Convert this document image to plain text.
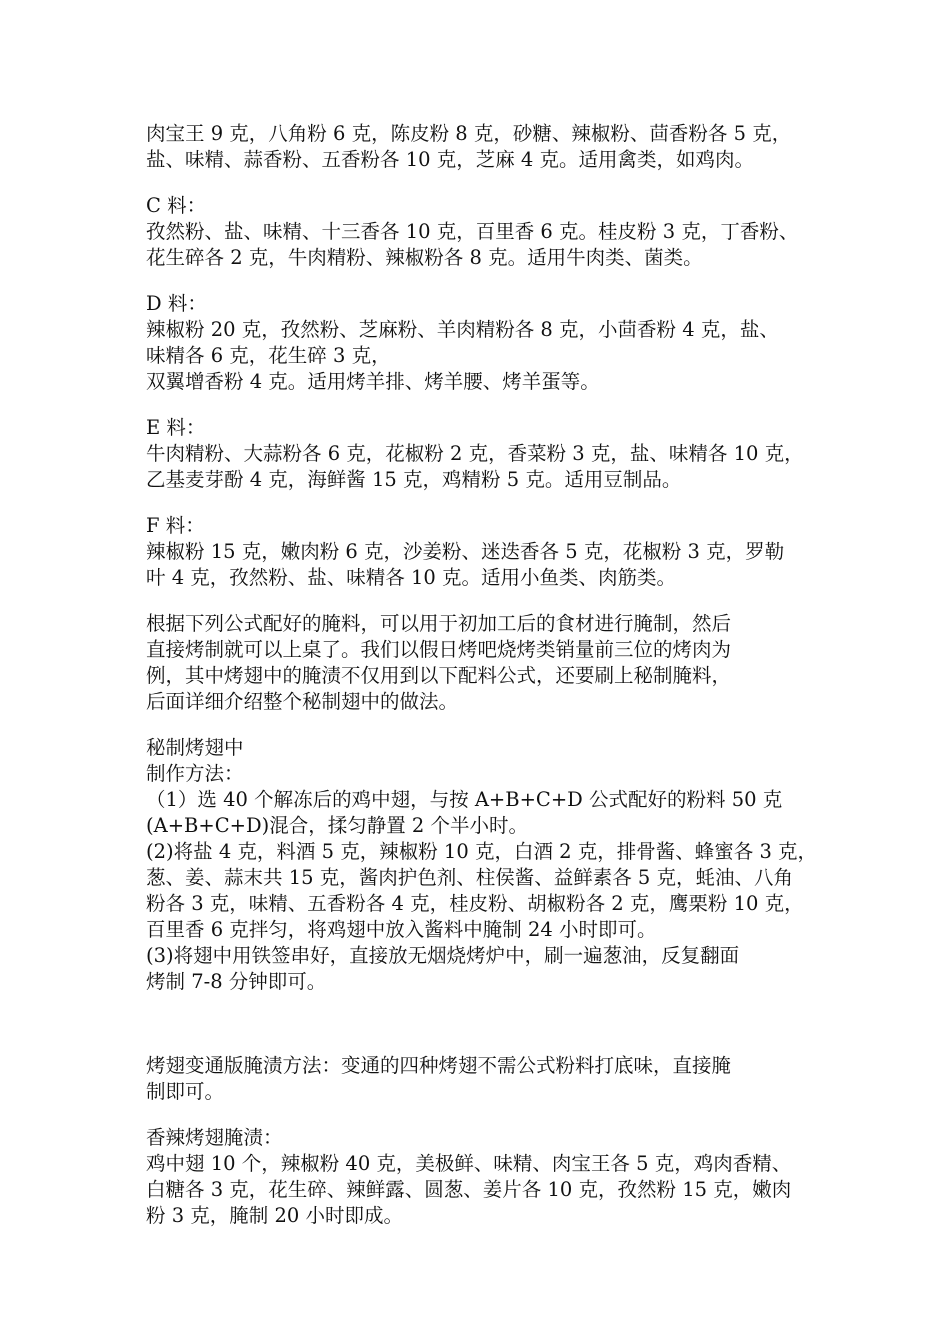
肉宝王 9 克，八角粉 6 克，陈皮粉 8 克，砂糖、辣椒粉、茴香粉各 5 克，
盐、味精、蒜香粉、五香粉各 10 克，芝麻 4 克。适用禽类，如鸡肉。
C 料：
孜然粉、盐、味精、十三香各 10 克，百里香 6 克。桂皮粉 3 克，丁香粉、
花生碎各 2 克，牛肉精粉、辣椒粉各 8 克。适用牛肉类、菌类。
D 料：
辣椒粉 20 克，孜然粉、芝麻粉、羊肉精粉各 8 克，小茴香粉 4 克，盐、
味精各 6 克，花生碎 3 克，
双翼增香粉 4 克。适用烤羊排、烤羊腰、烤羊蛋等。
E 料：
牛肉精粉、大蒜粉各 6 克，花椒粉 2 克，香菜粉 3 克，盐、味精各 10 克，
乙基麦芽酚 4 克，海鲜酱 15 克，鸡精粉 5 克。适用豆制品。
F 料：
辣椒粉 15 克，嫩肉粉 6 克，沙姜粉、迷迭香各 5 克，花椒粉 3 克，罗勒
叶 4 克，孜然粉、盐、味精各 10 克。适用小鱼类、肉筋类。
根据下列公式配好的腌料，可以用于初加工后的食材进行腌制，然后
直接烤制就可以上桌了。我们以假日烤吧烧烤类销量前三位的烤肉为
例，其中烤翅中的腌渍不仅用到以下配料公式，还要刷上秘制腌料，
后面详细介绍整个秘制翅中的做法。
秘制烤翅中
制作方法：
（1）选 40 个解冻后的鸡中翅，与按 A+B+C+D 公式配好的粉料 50 克
(A+B+C+D)混合，揉匀静置 2 个半小时。
(2)将盐 4 克，料酒 5 克，辣椒粉 10 克，白酒 2 克，排骨酱、蜂蜜各 3 克，
葱、姜、蒜末共 15 克，酱肉护色剂、柱侯酱、益鲜素各 5 克，蚝油、八角
粉各 3 克，味精、五香粉各 4 克，桂皮粉、胡椒粉各 2 克，鹰栗粉 10 克，
百里香 6 克拌匀，将鸡翅中放入酱料中腌制 24 小时即可。
(3)将翅中用铁签串好，直接放无烟烧烤炉中，刷一遍葱油，反复翻面
烤制 7-8 分钟即可。
烤翅变通版腌渍方法：变通的四种烤翅不需公式粉料打底味，直接腌
制即可。
香辣烤翅腌渍：
鸡中翅 10 个，辣椒粉 40 克，美极鲜、味精、肉宝王各 5 克，鸡肉香精、
白糖各 3 克，花生碎、辣鲜露、圆葱、姜片各 10 克，孜然粉 15 克，嫩肉
粉 3 克，腌制 20 小时即成。
